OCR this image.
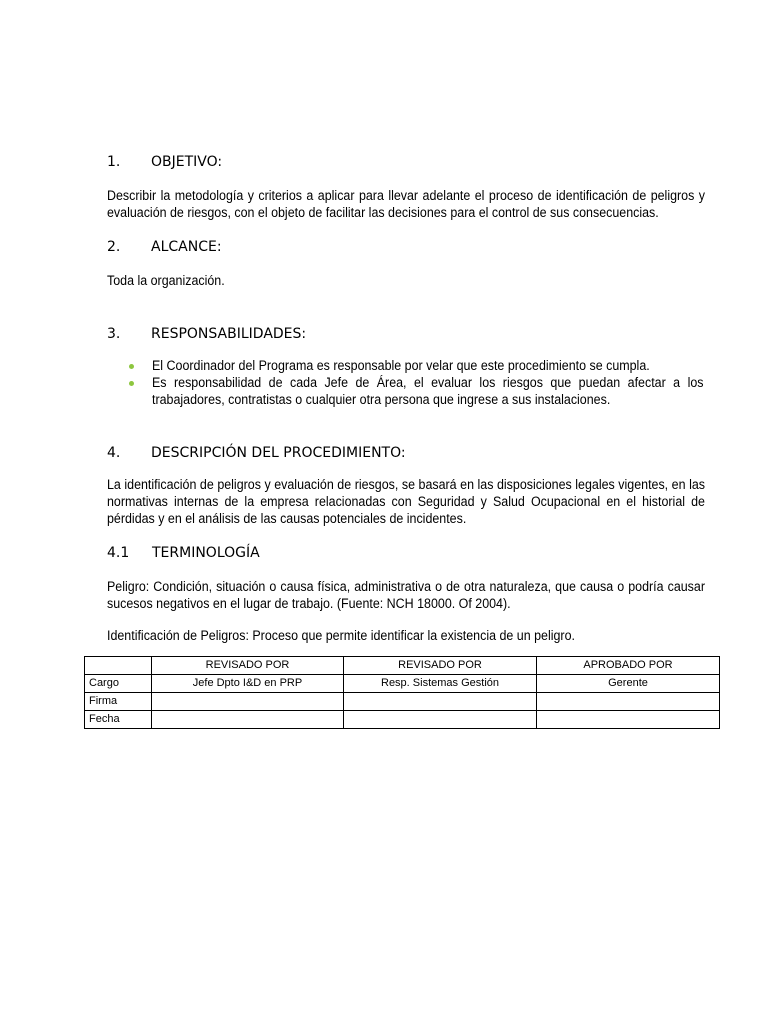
1. OBJETIVO:
Describir la metodología y criterios a aplicar para llevar adelante el proceso de identificación de peligros y evaluación de riesgos, con el objeto de facilitar las decisiones para el control de sus consecuencias.
2. ALCANCE:
Toda la organización.
3. RESPONSABILIDADES:
El Coordinador del Programa es responsable por velar que este procedimiento se cumpla.
Es responsabilidad de cada Jefe de Área, el evaluar los riesgos que puedan afectar a los trabajadores, contratistas o cualquier otra persona que ingrese a sus instalaciones.
4. DESCRIPCIÓN DEL PROCEDIMIENTO:
La identificación de peligros y evaluación de riesgos, se basará en las disposiciones legales vigentes, en las normativas internas de la empresa relacionadas con Seguridad y Salud Ocupacional en el historial de pérdidas y en el análisis de las causas potenciales de incidentes.
4.1 TERMINOLOGÍA
Peligro: Condición, situación o causa física, administrativa o de otra naturaleza, que causa o podría causar sucesos negativos en el lugar de trabajo. (Fuente: NCH 18000. Of 2004).
Identificación de Peligros: Proceso que permite identificar la existencia de un peligro.
	REVISADO POR	REVISADO POR	APROBADO POR
Cargo	Jefe Dpto I&D en PRP	Resp. Sistemas Gestión	Gerente
Firma			
Fecha			
